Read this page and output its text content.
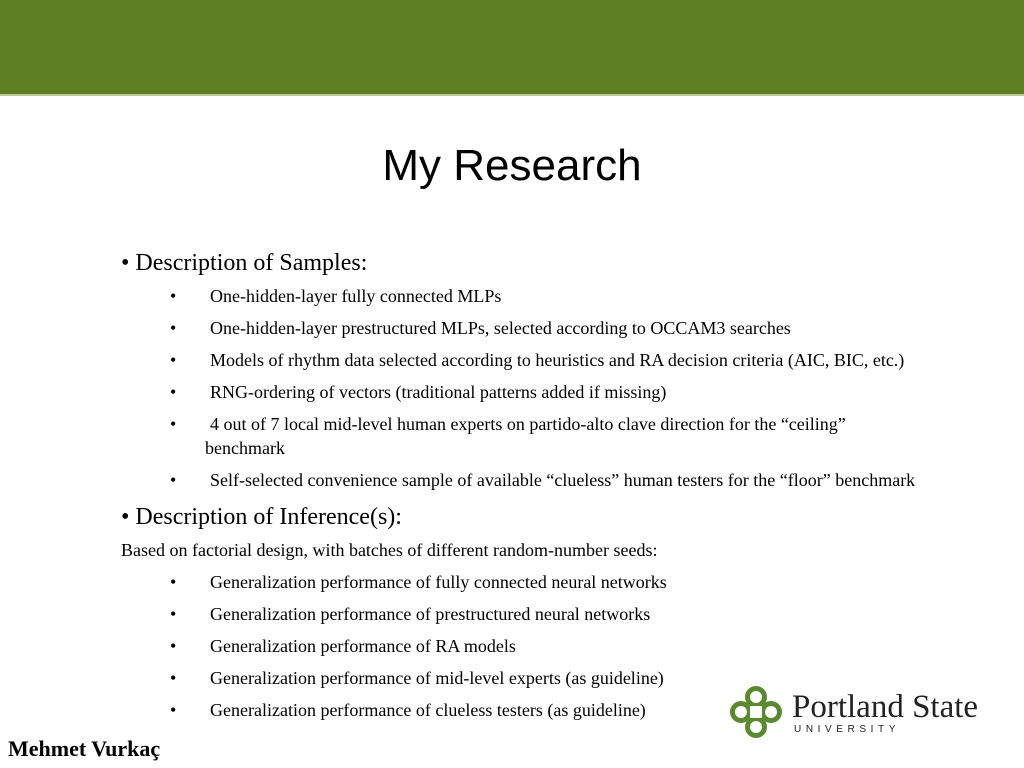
My Research
• Description of Samples:
• One-hidden-layer fully connected MLPs
• One-hidden-layer prestructured MLPs, selected according to OCCAM3 searches
• Models of rhythm data selected according to heuristics and RA decision criteria (AIC, BIC, etc.)
• RNG-ordering of vectors (traditional patterns added if missing)
• 4 out of 7 local mid-level human experts on partido-alto clave direction for the “ceiling” benchmark
• Self-selected convenience sample of available “clueless” human testers for the “floor” benchmark
• Description of Inference(s):
Based on factorial design, with batches of different random-number seeds:
• Generalization performance of fully connected neural networks
• Generalization performance of prestructured neural networks
• Generalization performance of RA models
• Generalization performance of mid-level experts (as guideline)
• Generalization performance of clueless testers (as guideline)	Portland State
UNIVERSITY
Mehmet Vurkaç
